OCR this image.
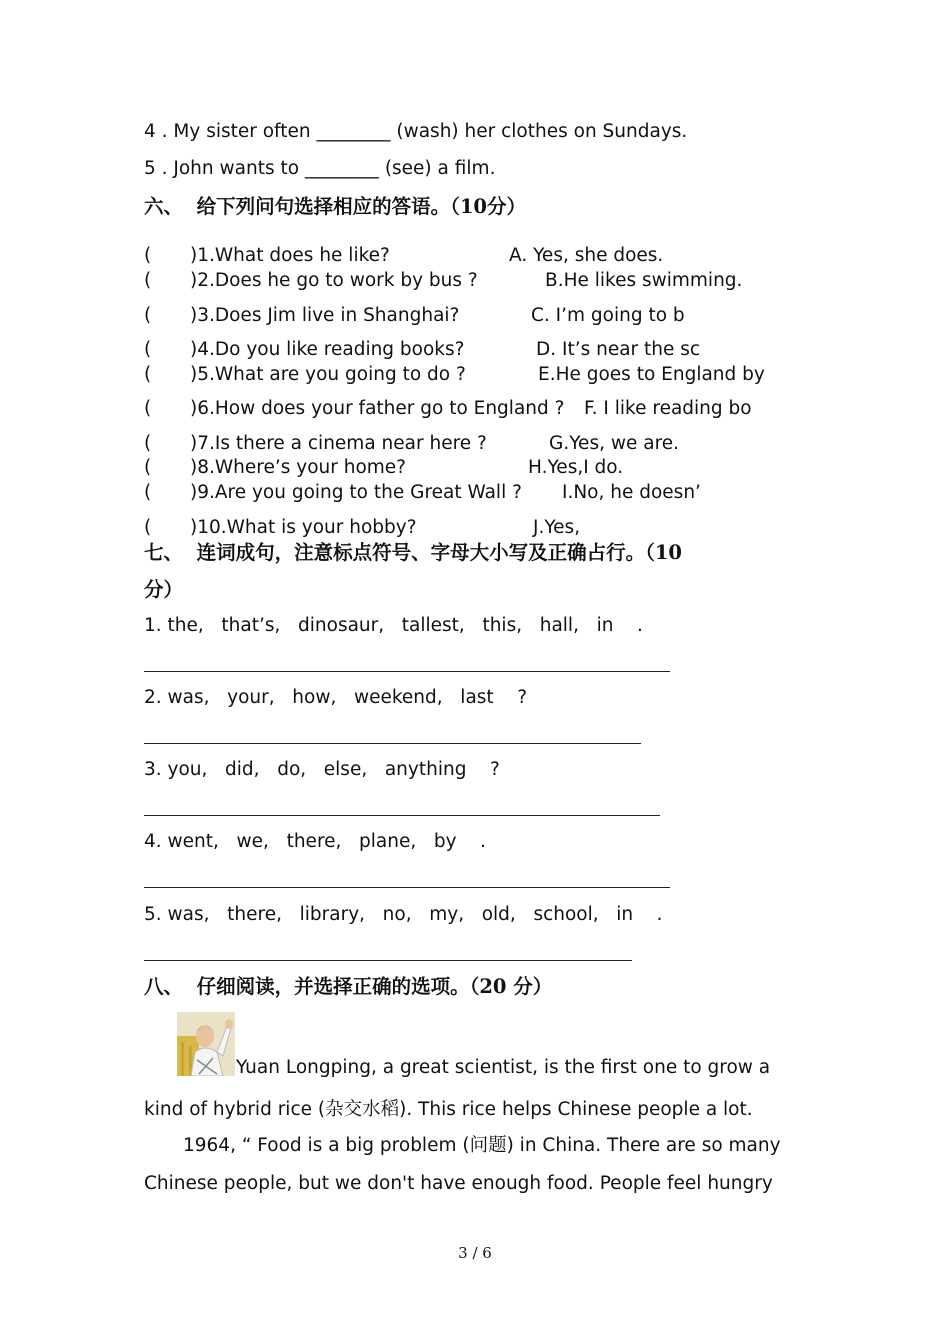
4 . My sister often ________ (wash) her clothes on Sundays.
5 . John wants to ________ (see) a film.
六、  给下列问句选择相应的答语。（10分）
( )1.What does he like?	A. Yes, she does.
( )2.Does he go to work by bus ?	B.He likes swimming.
( )3.Does Jim live in Shanghai?	C. I’m going to b
( )4.Do you like reading books?	D. It’s near the sc
( )5.What are you going to do ?	E.He goes to England by
( )6.How does your father go to England ? F. I like reading bo
( )7.Is there a cinema near here ?	G.Yes, we are.
( )8.Where’s your home?	H.Yes,I do.
( )9.Are you going to the Great Wall ? I.No, he doesn’
( )10.What is your hobby?	J.Yes,
七、  连词成句，注意标点符号、字母大小写及正确占行。（10
分）
1. the,   that’s,   dinosaur,   tallest,   this,   hall,   in    .
2. was,   your,   how,   weekend,   last    ?
3. you,   did,   do,   else,   anything    ?
4. went,   we,   there,   plane,   by    .
5. was,   there,   library,   no,   my,   old,   school,   in    .
八、  仔细阅读，并选择正确的选项。（20 分）
Yuan Longping, a great scientist, is the first one to grow a
kind of hybrid rice (杂交水稻). This rice helps Chinese people a lot.
1964, “ Food is a big problem (问题) in China. There are so many
Chinese people, but we don't have enough food. People feel hungry
3 / 6
